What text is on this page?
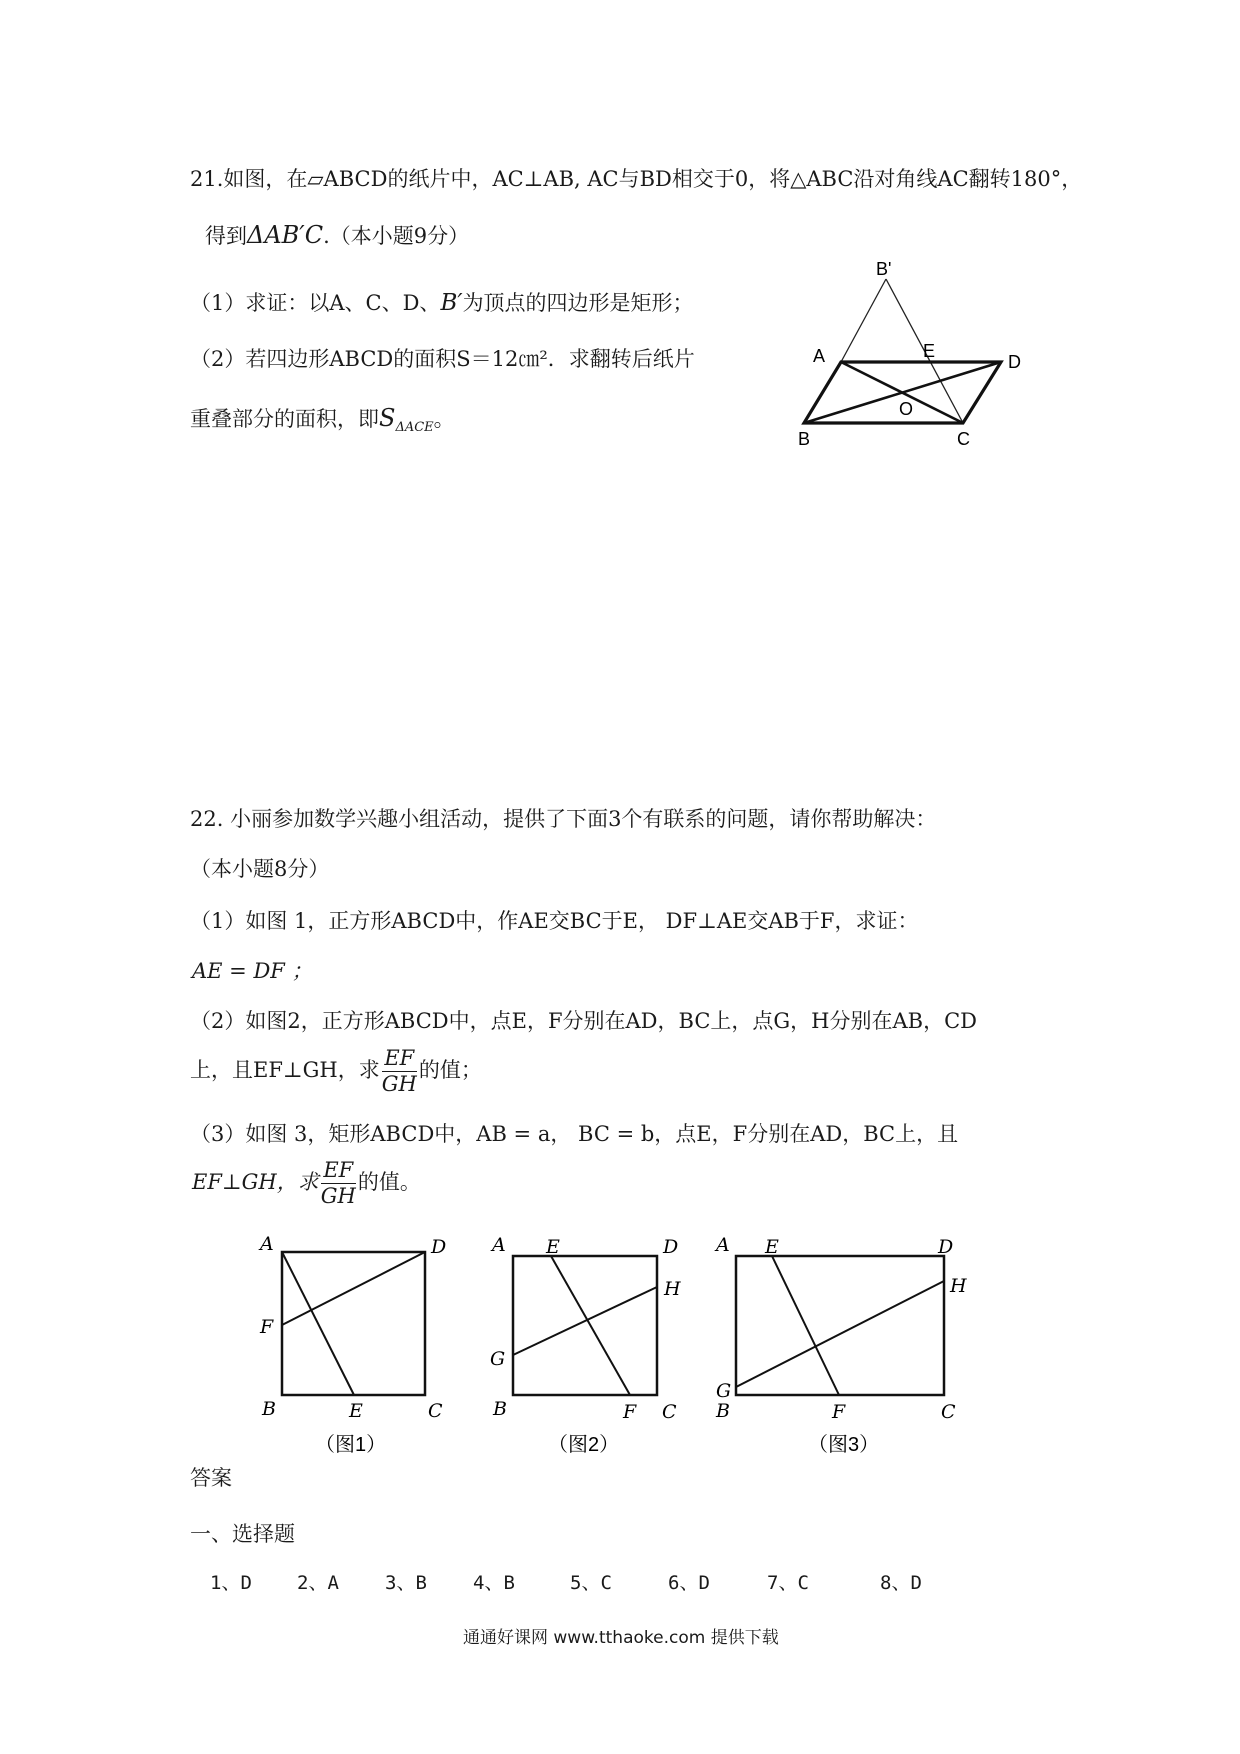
21.如图，在▱ABCD的纸片中，AC⊥AB, AC与BD相交于0，将△ABC沿对角线AC翻转180°，
得到ΔAB′C.（本小题9分）
（1）求证：以A、C、D、B′为顶点的四边形是矩形；
（2）若四边形ABCD的面积S＝12㎝²．求翻转后纸片
重叠部分的面积，即$S_{\Delta ACE}$。
B'
A	E
D
O
B	C
22. 小丽参加数学兴趣小组活动，提供了下面3个有联系的问题，请你帮助解决：
（本小题8分）
（1）如图 1，正方形ABCD中，作AE交BC于E， DF⊥AE交AB于F，求证：
AE = DF ；
（2）如图2，正方形ABCD中，点E，F分别在AD，BC上，点G，H分别在AB，CD
上，且EF⊥GH，求 $\frac{EF}{GH}$ 的值；
（3）如图 3，矩形ABCD中，AB = a， BC = b，点E，F分别在AD，BC上，且
EF⊥GH，求 $\frac{EF}{GH}$ 的值。
A	D
F
B	E	C
（图1）
A E	D
H
G
B	F C
（图2）
A E	D
H
G
B	F	C
（图3）
答案
一、选择题
1、D 2、A 3、B 4、B	5、C	6、D	7、C	8、D
通通好课网 www.tthaoke.com 提供下载
